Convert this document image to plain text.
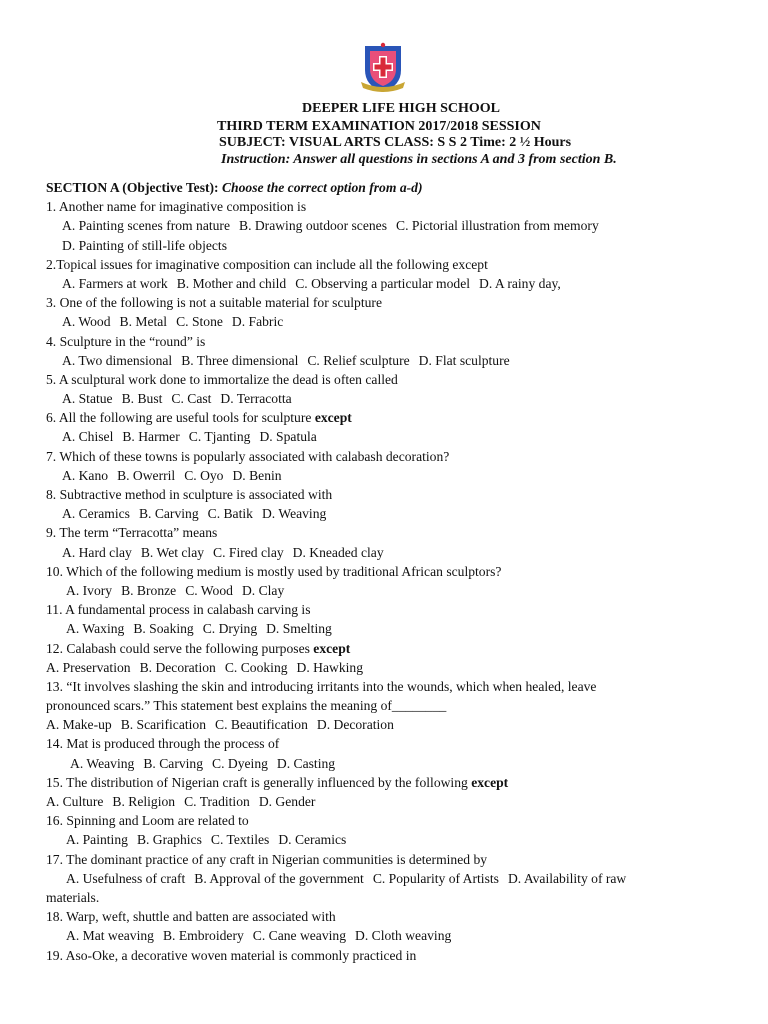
DEEPER LIFE HIGH SCHOOL
THIRD TERM EXAMINATION 2017/2018 SESSION
SUBJECT: VISUAL ARTS CLASS: S S 2 Time: 2 ½ Hours
Instruction: Answer all questions in sections A and 3 from section B.
SECTION A (Objective Test): Choose the correct option from a-d)
1. Another name for imaginative composition is
A. Painting scenes from nature B. Drawing outdoor scenes C. Pictorial illustration from memory
D. Painting of still-life objects
2.Topical issues for imaginative composition can include all the following except
A. Farmers at work B. Mother and child C. Observing a particular model D. A rainy day,
3. One of the following is not a suitable material for sculpture
A. Wood B. Metal C. Stone D. Fabric
4. Sculpture in the “round” is
A. Two dimensional B. Three dimensional C. Relief sculpture D. Flat sculpture
5. A sculptural work done to immortalize the dead is often called
A. Statue B. Bust C. Cast D. Terracotta
6. All the following are useful tools for sculpture except
A. Chisel B. Harmer C. Tjanting D. Spatula
7. Which of these towns is popularly associated with calabash decoration?
A. Kano B. Owerril C. Oyo D. Benin
8. Subtractive method in sculpture is associated with
A. Ceramics B. Carving C. Batik D. Weaving
9. The term “Terracotta” means
A. Hard clay B. Wet clay C. Fired clay D. Kneaded clay
10. Which of the following medium is mostly used by traditional African sculptors?
A. Ivory B. Bronze C. Wood D. Clay
11. A fundamental process in calabash carving is
A. Waxing B. Soaking C. Drying D. Smelting
12. Calabash could serve the following purposes except
A. Preservation B. Decoration C. Cooking D. Hawking
13. “It involves slashing the skin and introducing irritants into the wounds, which when healed, leave
pronounced scars.” This statement best explains the meaning of________
A. Make-up B. Scarification C. Beautification D. Decoration
14. Mat is produced through the process of
A. Weaving B. Carving C. Dyeing D. Casting
15. The distribution of Nigerian craft is generally influenced by the following except
A. Culture B. Religion C. Tradition D. Gender
16. Spinning and Loom are related to
A. Painting B. Graphics C. Textiles D. Ceramics
17. The dominant practice of any craft in Nigerian communities is determined by
A. Usefulness of craft B. Approval of the government C. Popularity of Artists D. Availability of raw
materials.
18. Warp, weft, shuttle and batten are associated with
A. Mat weaving B. Embroidery C. Cane weaving D. Cloth weaving
19. Aso-Oke, a decorative woven material is commonly practiced in
